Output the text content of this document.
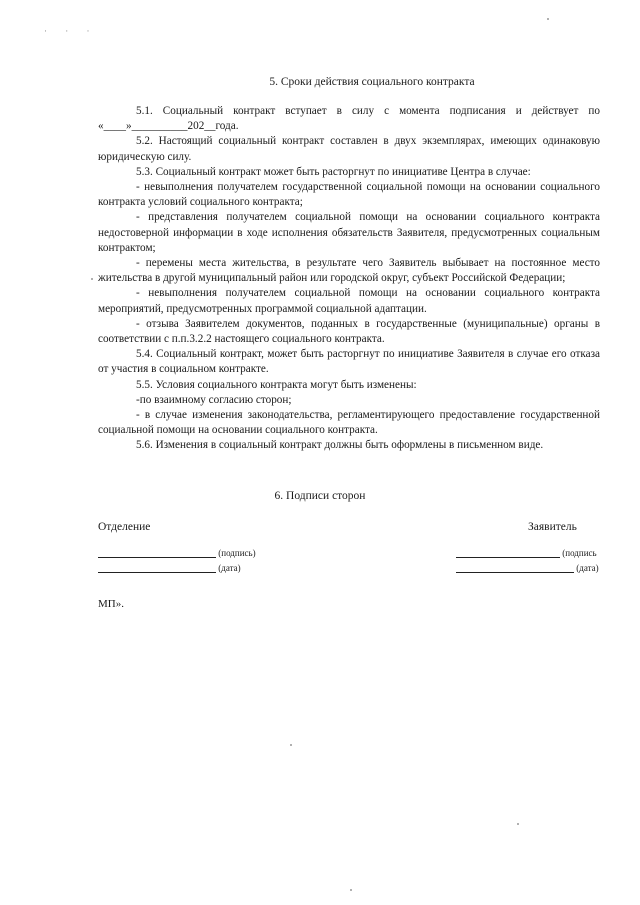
· · ·
5. Сроки действия социального контракта

5.1. Социальный контракт вступает в силу с момента подписания и действует по «____»__________202__года.

5.2. Настоящий социальный контракт составлен в двух экземплярах, имеющих одинаковую юридическую силу.

5.3. Социальный контракт может быть расторгнут по инициативе Центра в случае:

- невыполнения получателем государственной социальной помощи на основании социального контракта условий социального контракта;

- представления получателем социальной помощи на основании социального контракта недостоверной информации в ходе исполнения обязательств Заявителя, предусмотренных социальным контрактом;

- перемены места жительства, в результате чего Заявитель выбывает на постоянное место жительства в другой муниципальный район или городской округ, субъект Российской Федерации;

- невыполнения получателем социальной помощи на основании социального контракта мероприятий, предусмотренных программой социальной адаптации.

- отзыва Заявителем документов, поданных в государственные (муниципальные) органы в соответствии с п.п.3.2.2 настоящего социального контракта.

5.4. Социальный контракт, может быть расторгнут по инициативе Заявителя в случае его отказа от участия в социальном контракте.

5.5. Условия социального контракта могут быть изменены:

-по взаимному согласию сторон;

- в случае изменения законодательства, регламентирующего предоставление государственной социальной помощи на основании социального контракта.

5.6. Изменения в социальный контракт должны быть оформлены в письменном виде.

6. Подписи сторон
Отделение	Заявитель
(подпись)
(дата)
(подпись
(дата)
МП».
